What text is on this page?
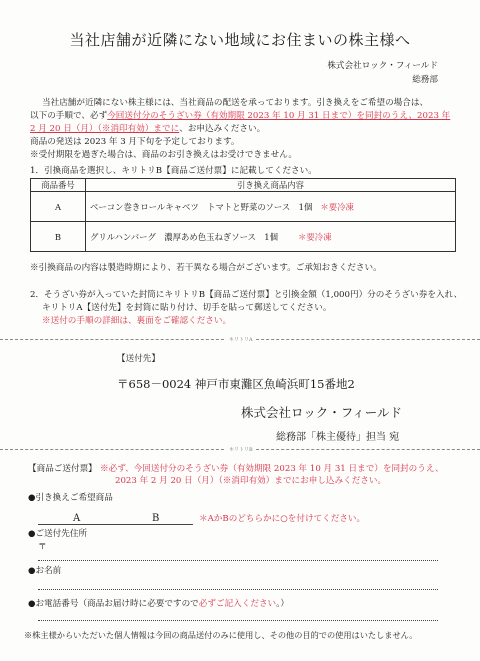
当社店舗が近隣にない地域にお住まいの株主様へ
株式会社ロック・フィールド
総務部
当社店舗が近隣にない株主様には、当社商品の配送を承っております。引き換えをご希望の場合は、
以下の手順で、必ず今回送付分のそうざい券（有効期限 2023 年 10 月 31 日まで）を同封のうえ、2023 年
2 月 20 日（月）（※消印有効）までに、お申込みください。
商品の発送は 2023 年 3 月下旬を予定しております。
※受付期限を過ぎた場合は、商品のお引き換えはお受けできません。
1．引換商品を選択し、キリトリB【商品ご送付票】に記載してください。
商品番号	引き換え商品内容
A	ベーコン巻きロールキャベツ　トマトと野菜のソース　1個 ＊要冷凍
B	グリルハンバーグ　濃厚あめ色玉ねぎソース　1個 ＊要冷凍
※引換商品の内容は製造時期により、若干異なる場合がございます。ご承知おきください。
2．そうざい券が入っていた封筒にキリトリB【商品ご送付票】と引換金額（1,000円）分のそうざい券を入れ、
キリトリA【送付先】を封筒に貼り付け、切手を貼って郵送してください。
※送付の手順の詳細は、裏面をご確認ください。
キリトリA
【送付先】
〒658－0024 神戸市東灘区魚崎浜町15番地2
株式会社ロック・フィールド
総務部「株主優待」担当 宛
キリトリB
【商品ご送付票】 ※必ず、今回送付分のそうざい券（有効期限 2023 年 10 月 31 日まで）を同封のうえ、
2023 年 2 月 20 日（月）（※消印有効）までにお申し込みください。
●引き換えご希望商品
A	B	＊AかBのどちらかに○を付けてください。
●ご送付先住所
〒
●お名前
●お電話番号（商品お届け時に必要ですので必ずご記入ください。）
※株主様からいただいた個人情報は今回の商品送付のみに使用し、その他の目的での使用はいたしません。
